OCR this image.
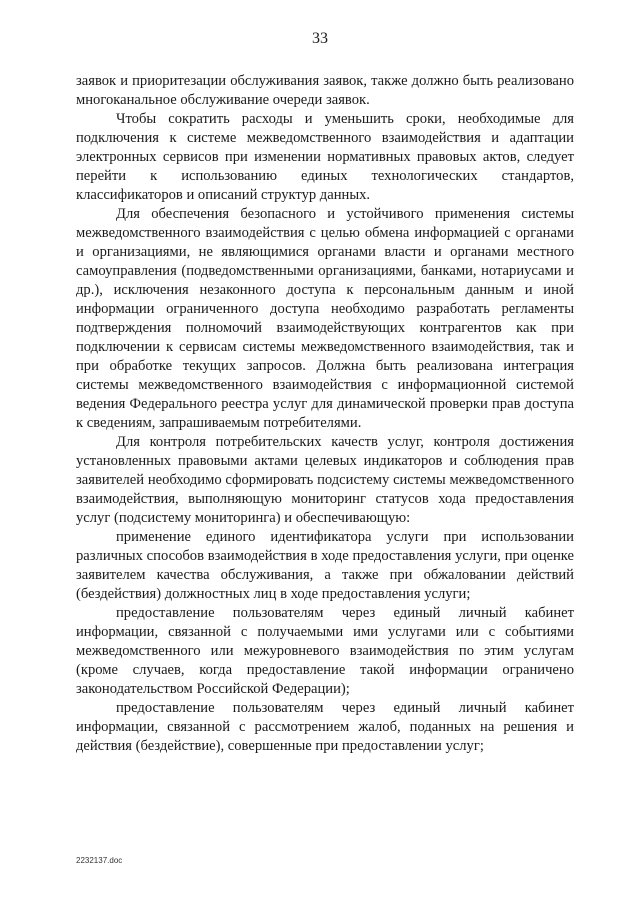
33

заявок и приоритезации обслуживания заявок, также должно быть реализовано многоканальное обслуживание очереди заявок.

Чтобы сократить расходы и уменьшить сроки, необходимые для подключения к системе межведомственного взаимодействия и адаптации электронных сервисов при изменении нормативных правовых актов, следует перейти к использованию единых технологических стандартов, классификаторов и описаний структур данных.

Для обеспечения безопасного и устойчивого применения системы межведомственного взаимодействия с целью обмена информацией с органами и организациями, не являющимися органами власти и органами местного самоуправления (подведомственными организациями, банками, нотариусами и др.), исключения незаконного доступа к персональным данным и иной информации ограниченного доступа необходимо разработать регламенты подтверждения полномочий взаимодействующих контрагентов как при подключении к сервисам системы межведомственного взаимодействия, так и при обработке текущих запросов. Должна быть реализована интеграция системы межведомственного взаимодействия с информационной системой ведения Федерального реестра услуг для динамической проверки прав доступа к сведениям, запрашиваемым потребителями.

Для контроля потребительских качеств услуг, контроля достижения установленных правовыми актами целевых индикаторов и соблюдения прав заявителей необходимо сформировать подсистему системы межведомственного взаимодействия, выполняющую мониторинг статусов хода предоставления услуг (подсистему мониторинга) и обеспечивающую:

применение единого идентификатора услуги при использовании различных способов взаимодействия в ходе предоставления услуги, при оценке заявителем качества обслуживания, а также при обжаловании действий (бездействия) должностных лиц в ходе предоставления услуги;

предоставление пользователям через единый личный кабинет информации, связанной с получаемыми ими услугами или с событиями межведомственного или межуровневого взаимодействия по этим услугам (кроме случаев, когда предоставление такой информации ограничено законодательством Российской Федерации);

предоставление пользователям через единый личный кабинет информации, связанной с рассмотрением жалоб, поданных на решения и действия (бездействие), совершенные при предоставлении услуг;

2232137.doc
